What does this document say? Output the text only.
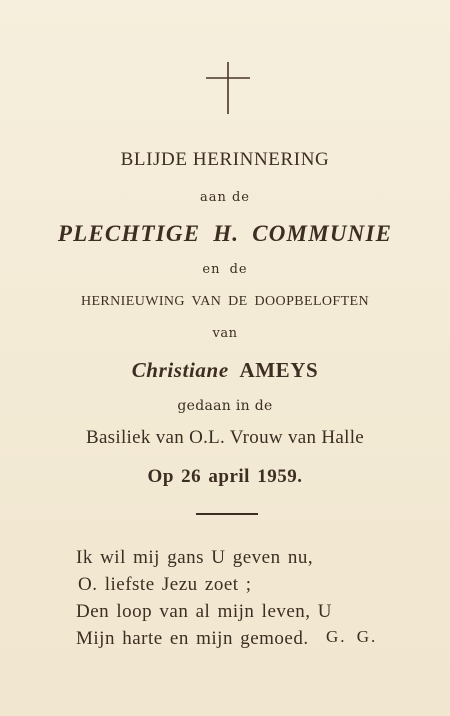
BLIJDE HERINNERING
aan de
PLECHTIGE H. COMMUNIE
en de
HERNIEUWING VAN DE DOOPBELOFTEN
van
Christiane AMEYS
gedaan in de
Basiliek van O.L. Vrouw van Halle
Op 26 april 1959.
Ik wil mij gans U geven nu,
O. liefste Jezu zoet ;
Den loop van al mijn leven, U
Mijn harte en mijn gemoed.	G. G.
